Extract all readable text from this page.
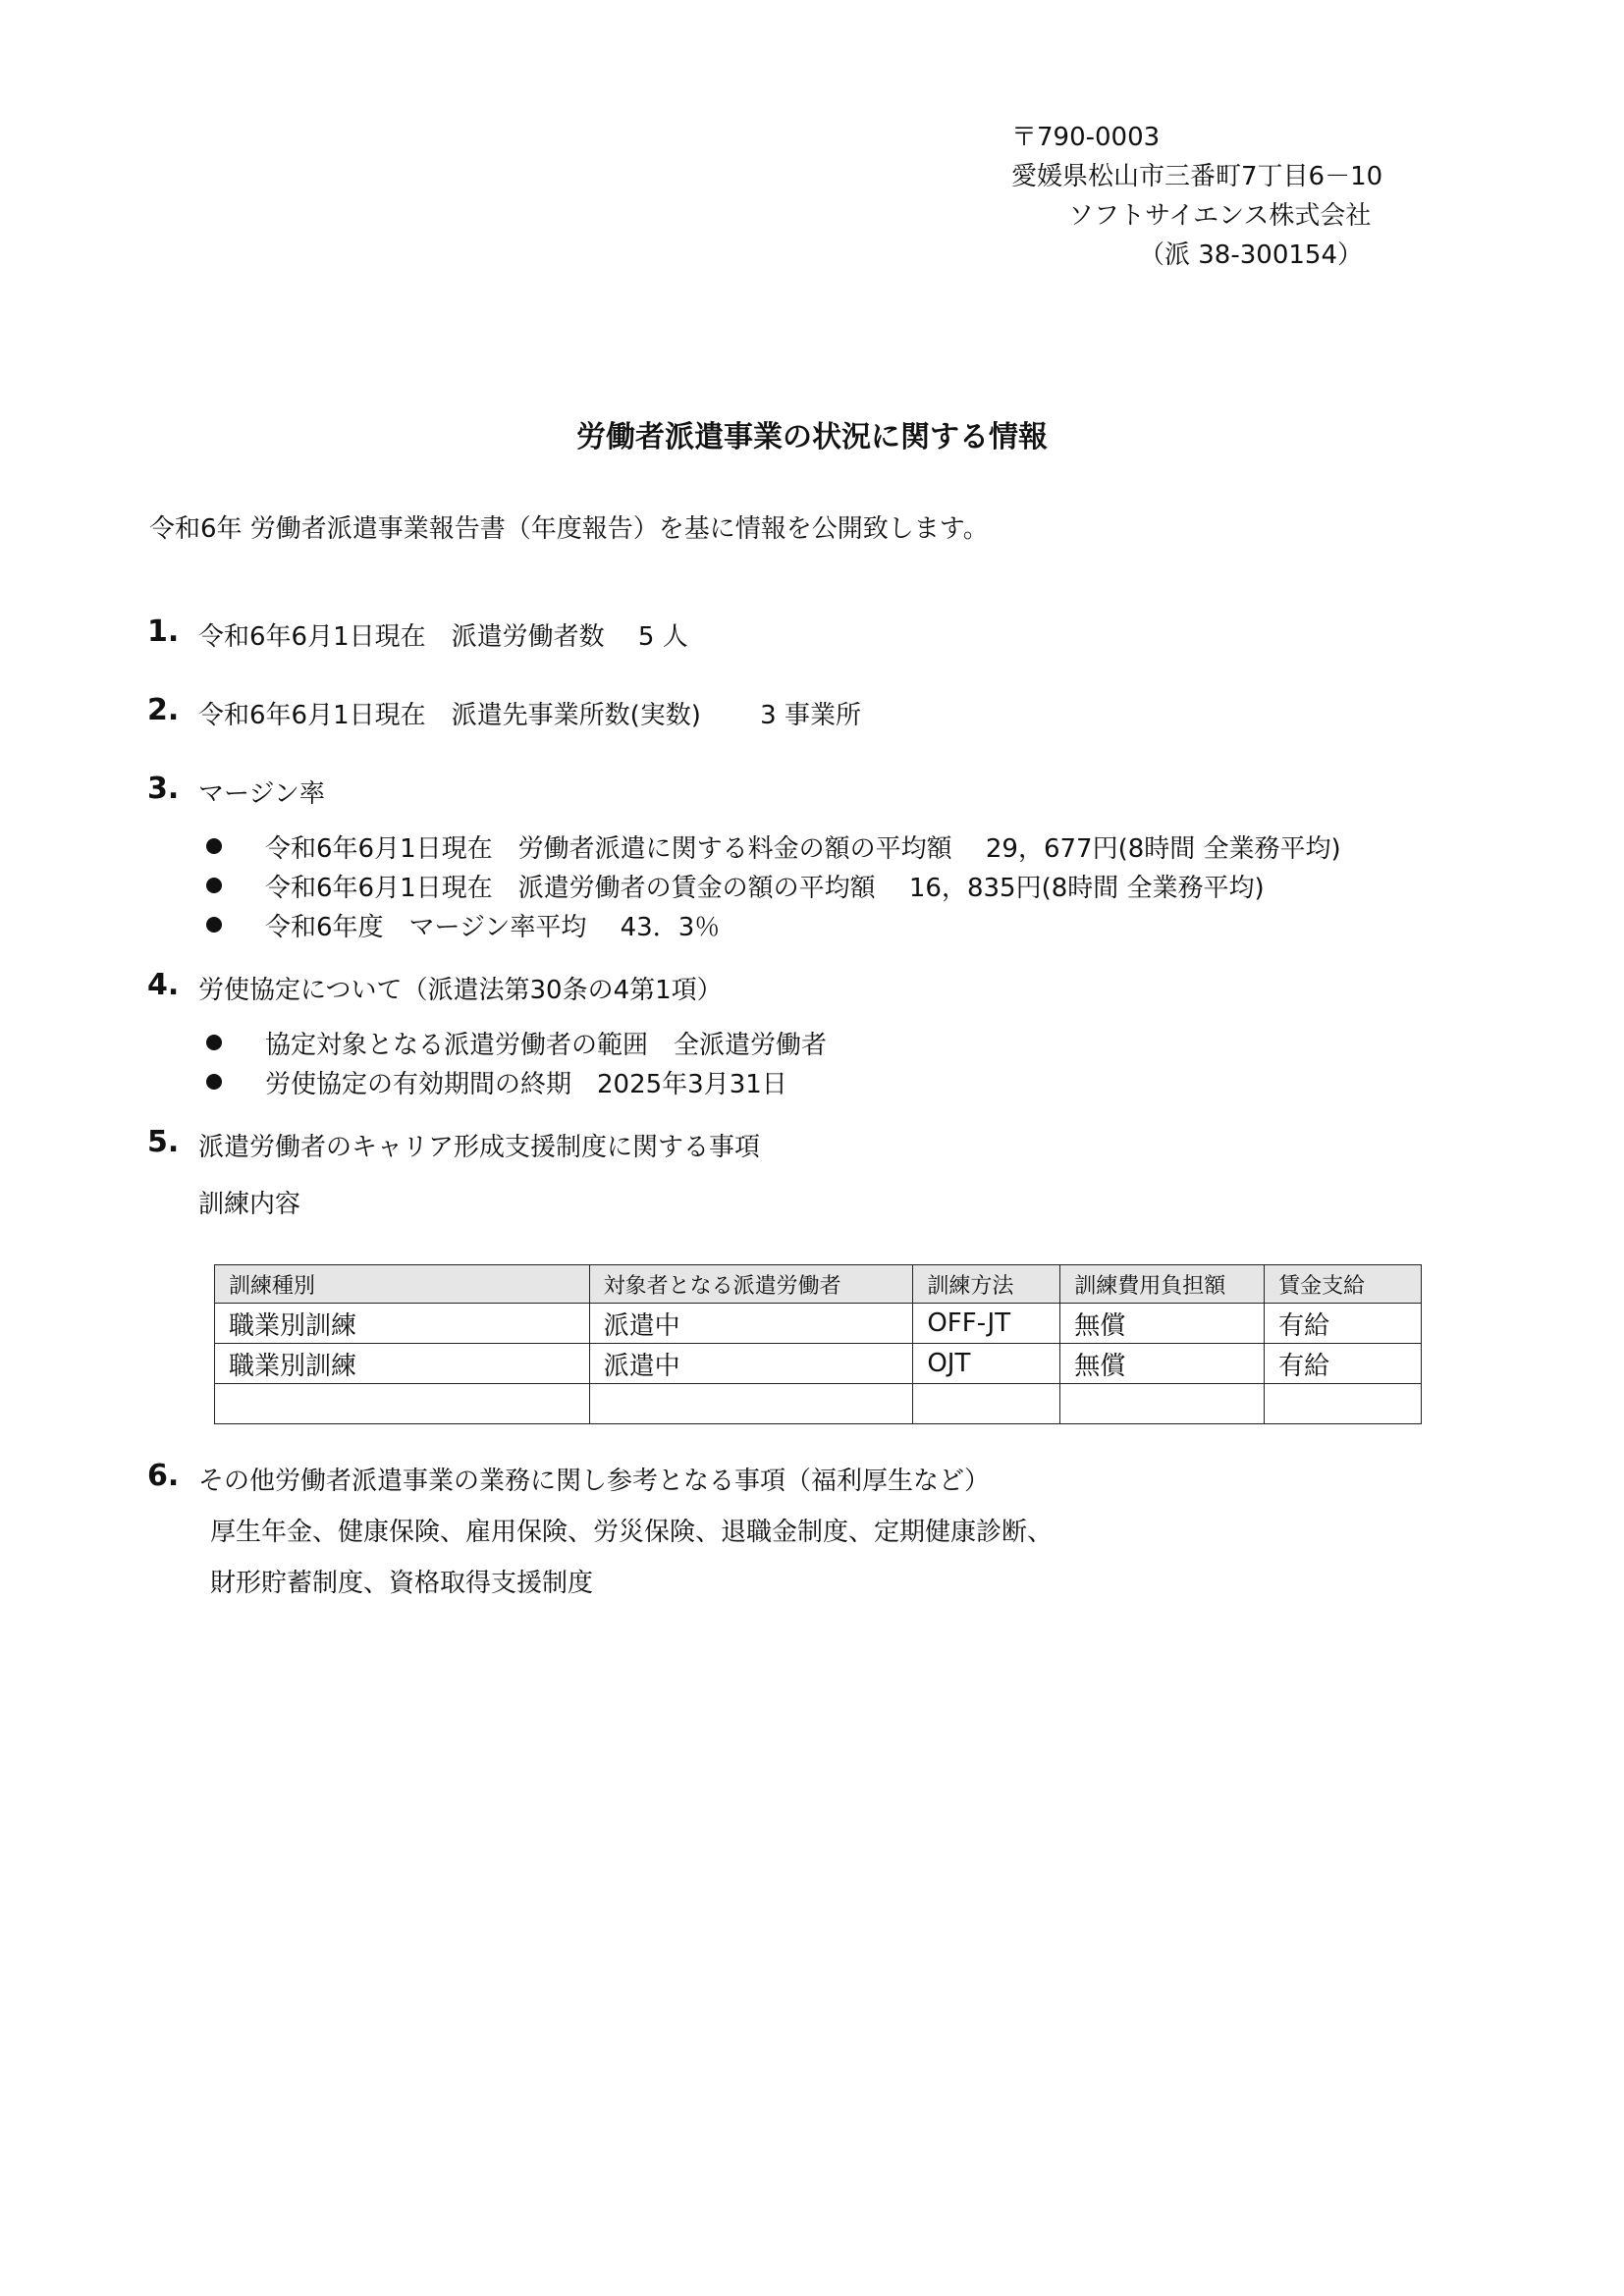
〒790-0003
愛媛県松山市三番町7丁目6－10
ソフトサイエンス株式会社
（派 38-300154）
労働者派遣事業の状況に関する情報
令和6年 労働者派遣事業報告書（年度報告）を基に情報を公開致します。
1. 令和6年6月1日現在　派遣労働者数　 5 人
2. 令和6年6月1日現在　派遣先事業所数(実数)　　 3 事業所
3. マージン率
令和6年6月1日現在　労働者派遣に関する料金の額の平均額　 29，677円(8時間 全業務平均)
令和6年6月1日現在　派遣労働者の賃金の額の平均額　 16，835円(8時間 全業務平均)
令和6年度　マージン率平均　 43．3％
4. 労使協定について（派遣法第30条の4第1項）
協定対象となる派遣労働者の範囲　全派遣労働者
労使協定の有効期間の終期　2025年3月31日
5. 派遣労働者のキャリア形成支援制度に関する事項
訓練内容
訓練種別	対象者となる派遣労働者	訓練方法	訓練費用負担額	賃金支給
職業別訓練	派遣中	OFF-JT	無償	有給
職業別訓練	派遣中	OJT	無償	有給

6. その他労働者派遣事業の業務に関し参考となる事項（福利厚生など）
厚生年金、健康保険、雇用保険、労災保険、退職金制度、定期健康診断、
財形貯蓄制度、資格取得支援制度
